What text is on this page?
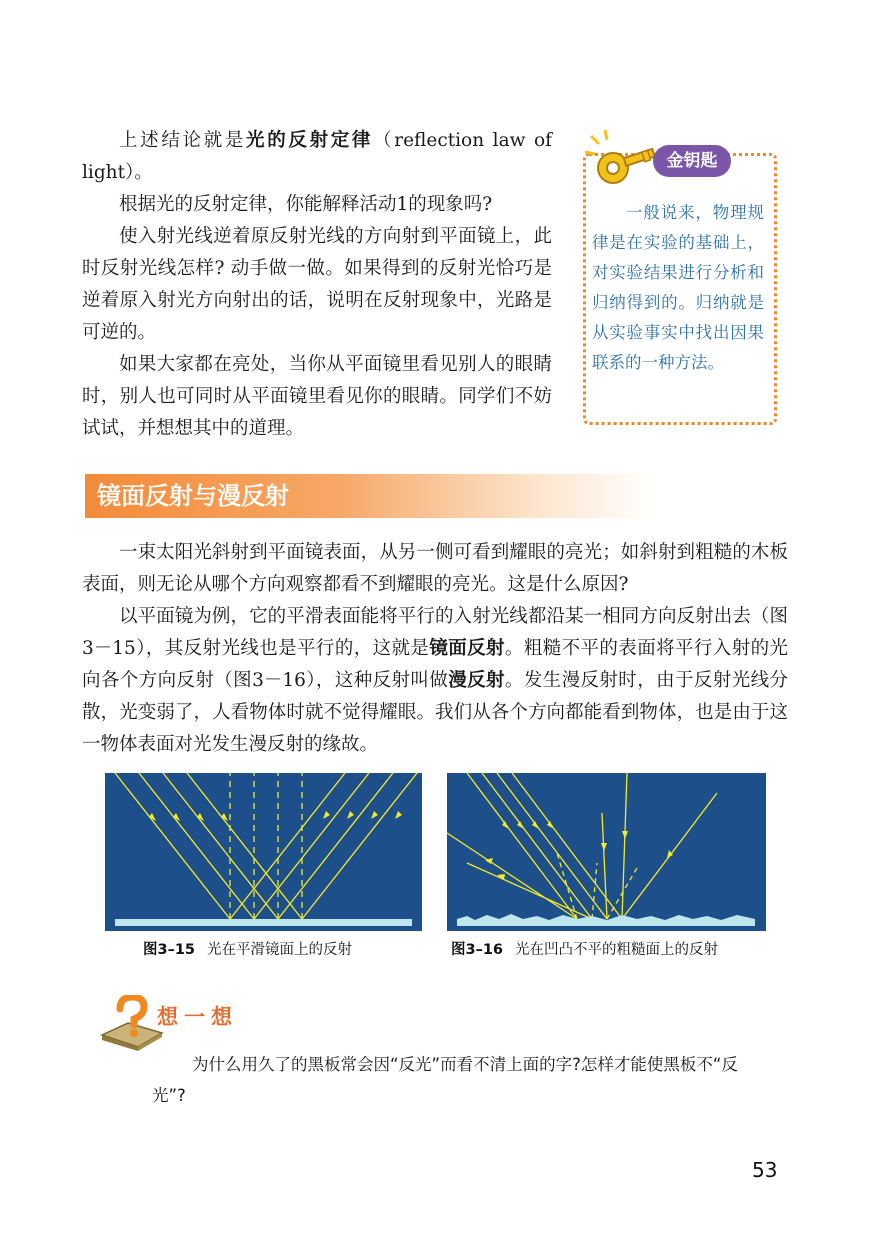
上述结论就是光的反射定律（reflection law of light）。

根据光的反射定律，你能解释活动1的现象吗?

使入射光线逆着原反射光线的方向射到平面镜上，此时反射光线怎样? 动手做一做。如果得到的反射光恰巧是逆着原入射光方向射出的话，说明在反射现象中，光路是可逆的。

如果大家都在亮处，当你从平面镜里看见别人的眼睛时，别人也可同时从平面镜里看见你的眼睛。同学们不妨试试，并想想其中的道理。

金钥匙

一般说来，物理规律是在实验的基础上，对实验结果进行分析和归纳得到的。归纳就是从实验事实中找出因果联系的一种方法。

镜面反射与漫反射

一束太阳光斜射到平面镜表面，从另一侧可看到耀眼的亮光；如斜射到粗糙的木板表面，则无论从哪个方向观察都看不到耀眼的亮光。这是什么原因?

以平面镜为例，它的平滑表面能将平行的入射光线都沿某一相同方向反射出去（图3－15），其反射光线也是平行的，这就是镜面反射。粗糙不平的表面将平行入射的光向各个方向反射（图3－16），这种反射叫做漫反射。发生漫反射时，由于反射光线分散，光变弱了，人看物体时就不觉得耀眼。我们从各个方向都能看到物体，也是由于这一物体表面对光发生漫反射的缘故。

图3–15 光在平滑镜面上的反射	图3–16 光在凹凸不平的粗糙面上的反射
想一想

为什么用久了的黑板常会因“反光”而看不清上面的字?怎样才能使黑板不“反光”?

53
